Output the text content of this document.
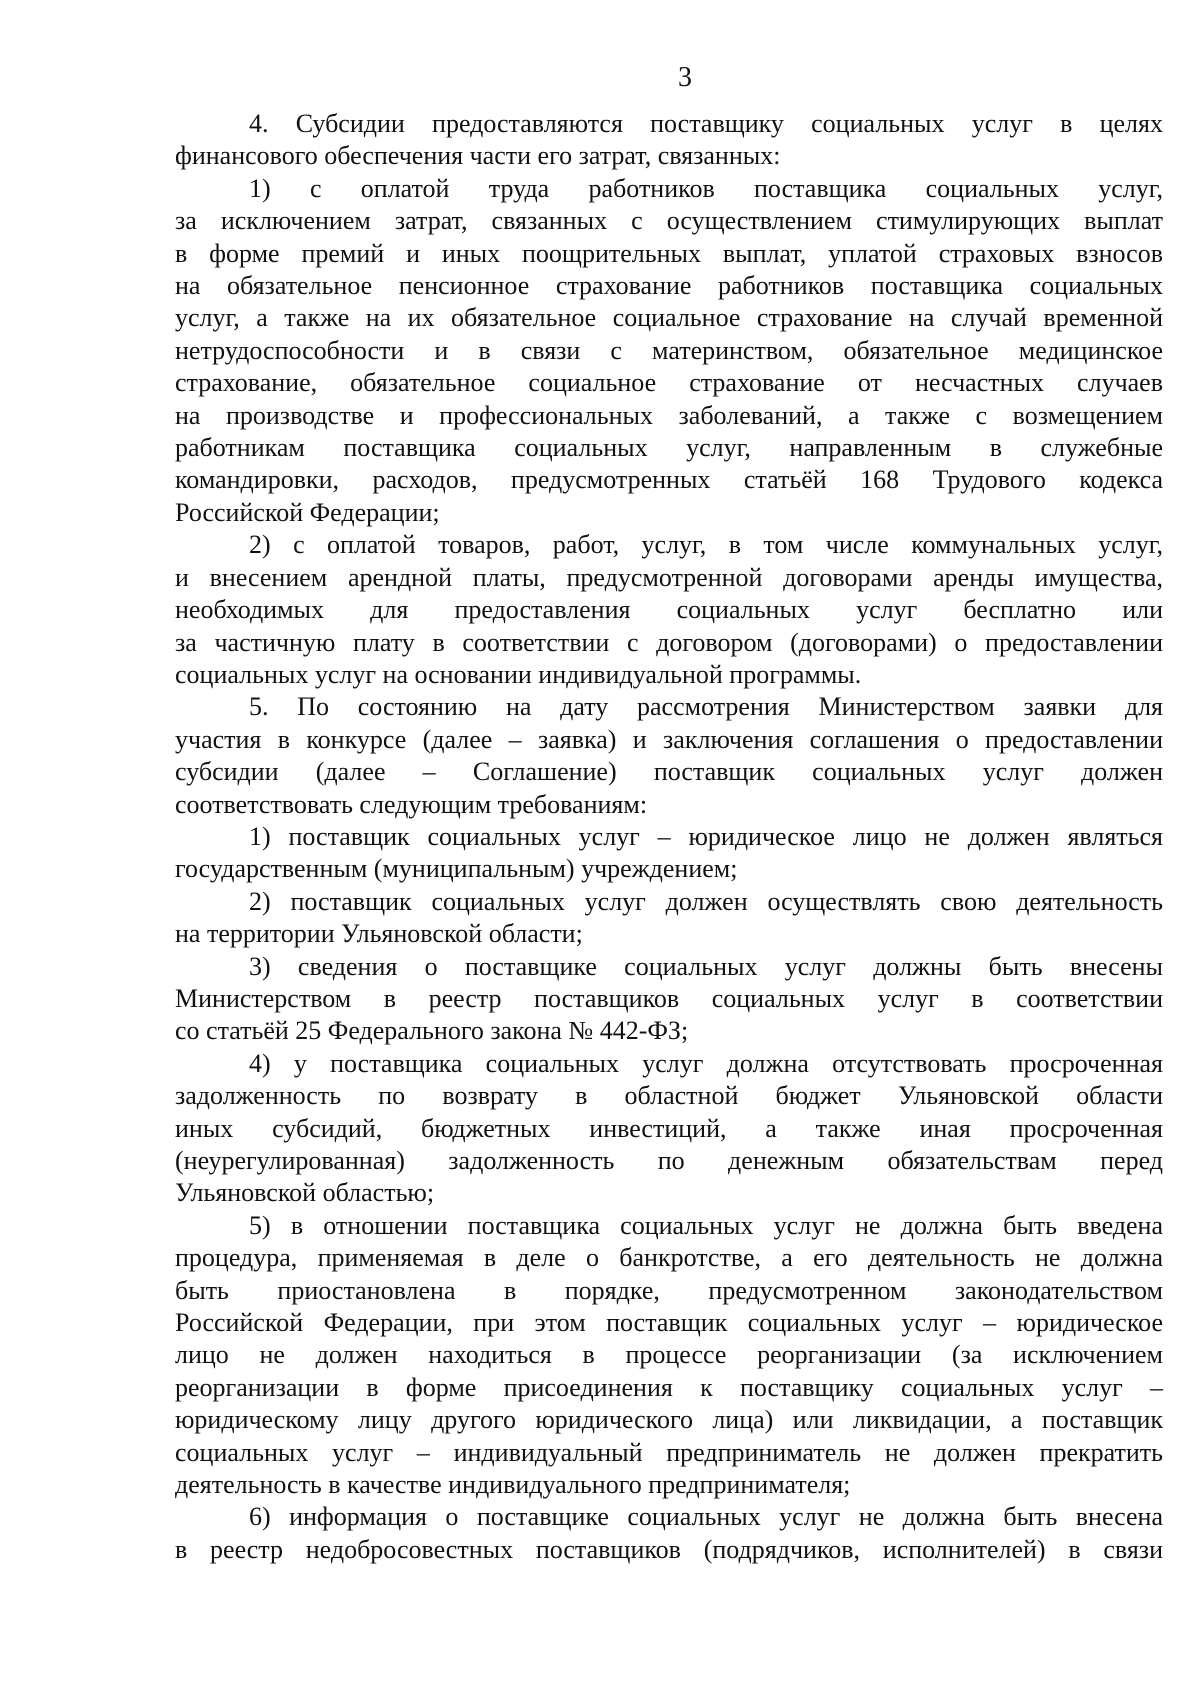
3
4. Субсидии предоставляются поставщику социальных услуг в целях
финансового обеспечения части его затрат, связанных:
1) с оплатой труда работников поставщика социальных услуг,
за исключением затрат, связанных с осуществлением стимулирующих выплат
в форме премий и иных поощрительных выплат, уплатой страховых взносов
на обязательное пенсионное страхование работников поставщика социальных
услуг, а также на их обязательное социальное страхование на случай временной
нетрудоспособности и в связи с материнством, обязательное медицинское
страхование, обязательное социальное страхование от несчастных случаев
на производстве и профессиональных заболеваний, а также с возмещением
работникам поставщика социальных услуг, направленным в служебные
командировки, расходов, предусмотренных статьёй 168 Трудового кодекса
Российской Федерации;
2) с оплатой товаров, работ, услуг, в том числе коммунальных услуг,
и внесением арендной платы, предусмотренной договорами аренды имущества,
необходимых для предоставления социальных услуг бесплатно или
за частичную плату в соответствии с договором (договорами) о предоставлении
социальных услуг на основании индивидуальной программы.
5. По состоянию на дату рассмотрения Министерством заявки для
участия в конкурсе (далее – заявка) и заключения соглашения о предоставлении
субсидии (далее – Соглашение) поставщик социальных услуг должен
соответствовать следующим требованиям:
1) поставщик социальных услуг – юридическое лицо не должен являться
государственным (муниципальным) учреждением;
2) поставщик социальных услуг должен осуществлять свою деятельность
на территории Ульяновской области;
3) сведения о поставщике социальных услуг должны быть внесены
Министерством в реестр поставщиков социальных услуг в соответствии
со статьёй 25 Федерального закона № 442-ФЗ;
4) у поставщика социальных услуг должна отсутствовать просроченная
задолженность по возврату в областной бюджет Ульяновской области
иных субсидий, бюджетных инвестиций, а также иная просроченная
(неурегулированная) задолженность по денежным обязательствам перед
Ульяновской областью;
5) в отношении поставщика социальных услуг не должна быть введена
процедура, применяемая в деле о банкротстве, а его деятельность не должна
быть приостановлена в порядке, предусмотренном законодательством
Российской Федерации, при этом поставщик социальных услуг – юридическое
лицо не должен находиться в процессе реорганизации (за исключением
реорганизации в форме присоединения к поставщику социальных услуг –
юридическому лицу другого юридического лица) или ликвидации, а поставщик
социальных услуг – индивидуальный предприниматель не должен прекратить
деятельность в качестве индивидуального предпринимателя;
6) информация о поставщике социальных услуг не должна быть внесена
в реестр недобросовестных поставщиков (подрядчиков, исполнителей) в связи
